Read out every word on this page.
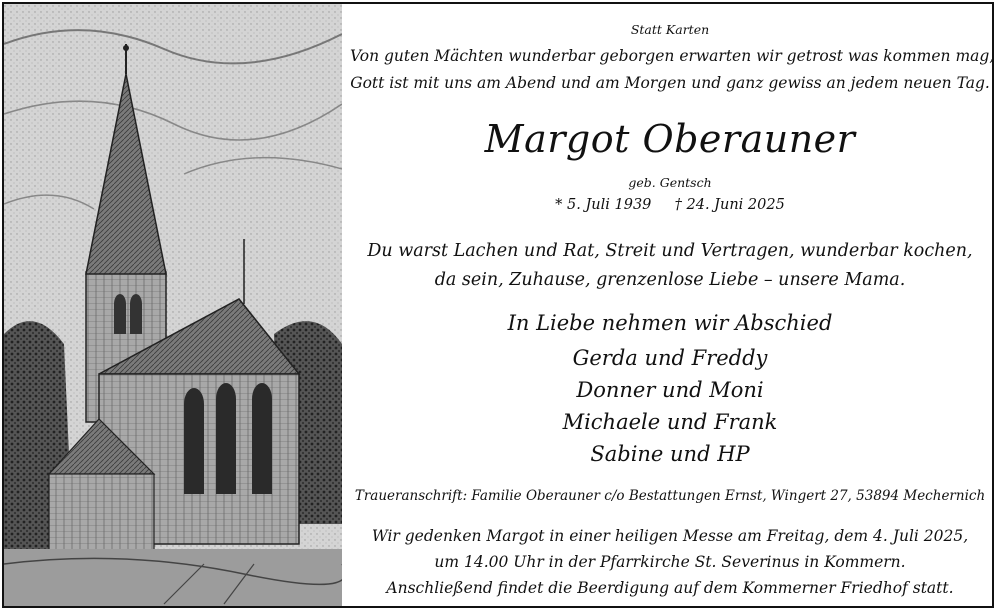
Statt Karten
Von guten Mächten wunderbar geborgen erwarten wir getrost was kommen mag,
Gott ist mit uns am Abend und am Morgen und ganz gewiss an jedem neuen Tag.
Margot Oberauner
geb. Gentsch
* 5. Juli 1939 † 24. Juni 2025
Du warst Lachen und Rat, Streit und Vertragen, wunderbar kochen,
da sein, Zuhause, grenzenlose Liebe – unsere Mama.
In Liebe nehmen wir Abschied
Gerda und Freddy
Donner und Moni
Michaele und Frank
Sabine und HP
Traueranschrift: Familie Oberauner c/o Bestattungen Ernst, Wingert 27, 53894 Mechernich
Wir gedenken Margot in einer heiligen Messe am Freitag, dem 4. Juli 2025,
um 14.00 Uhr in der Pfarrkirche St. Severinus in Kommern.
Anschließend findet die Beerdigung auf dem Kommerner Friedhof statt.
